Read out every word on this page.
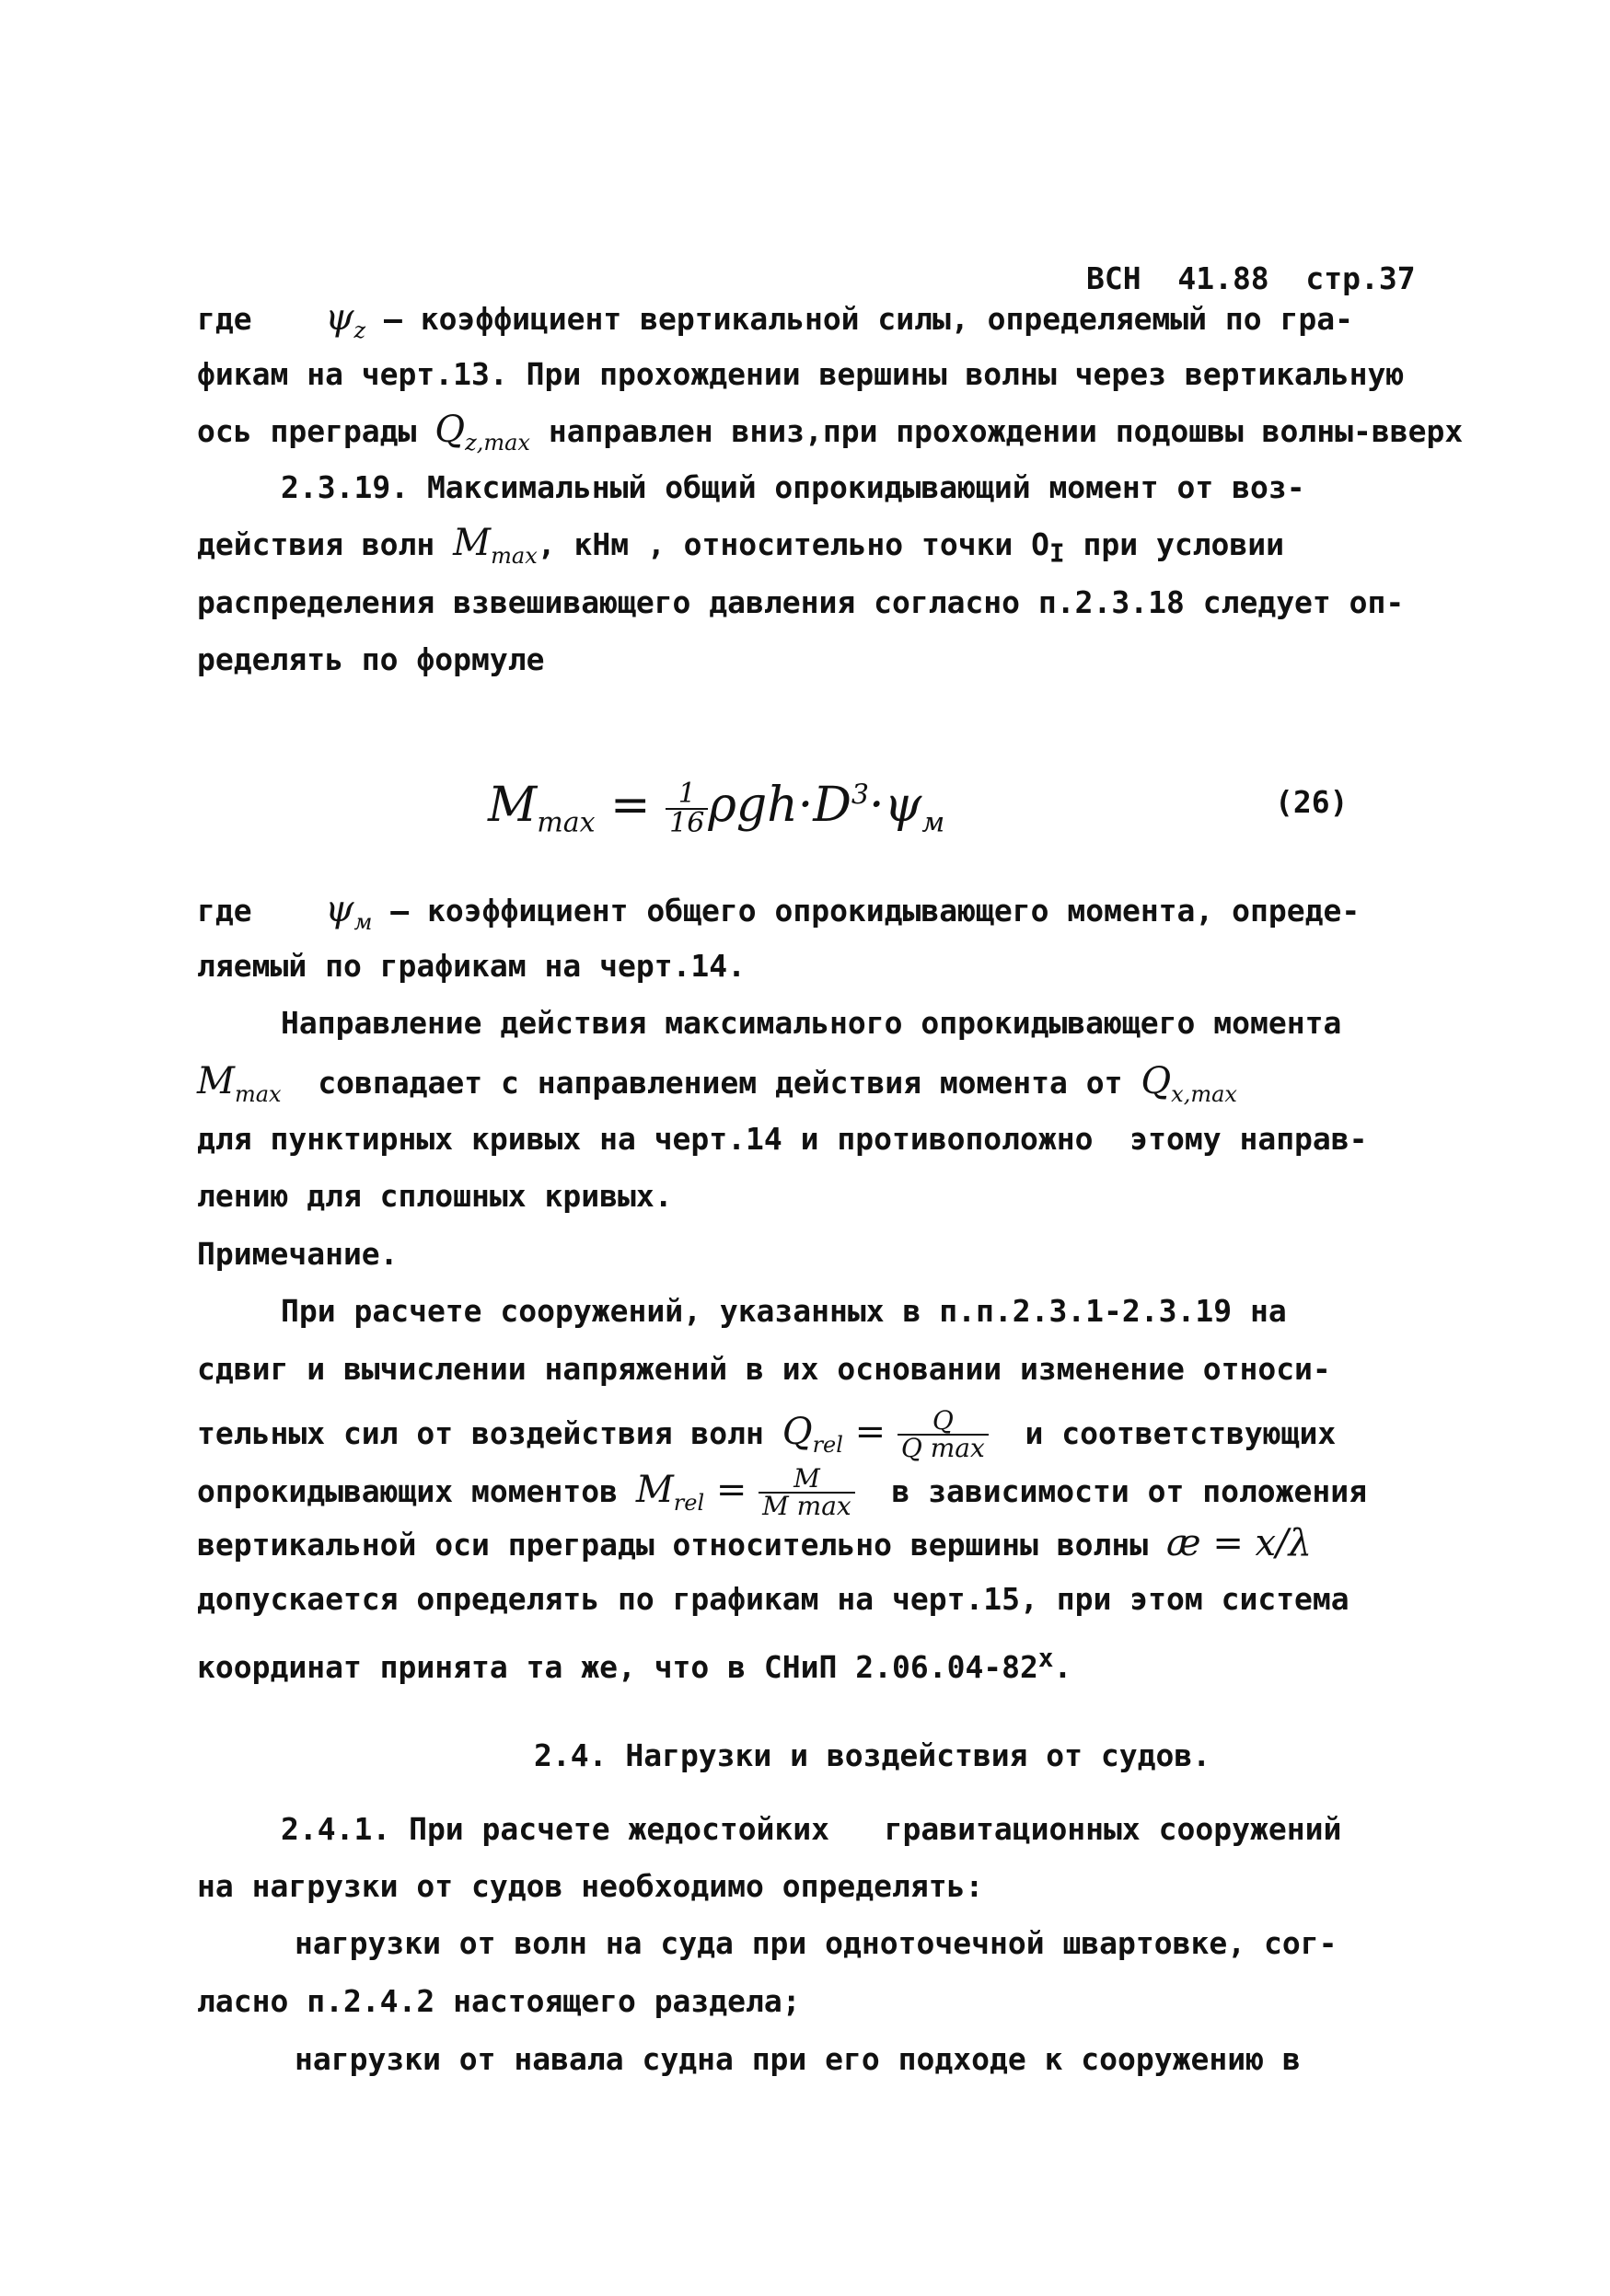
ВСН  41.88  стр.37
где $\psi_z$ – коэффициент вертикальной силы, определяемый по гра-
фикам на черт.13. При прохождении вершины волны через вертикальную
ось преграды $Q_{z,max}$ направлен вниз,при прохождении подошвы волны-вверх
2.3.19. Максимальный общий опрокидывающий момент от воз-
действия волн $M_{max}$, кНм , относительно точки $O_I$ при условии
распределения взвешивающего давления согласно п.2.3.18 следует оп-
ределять по формуле
$M_{max} = \frac{1}{16} \rho gh\cdot D^3\cdot\psi_м$
(26)
где $\psi_м$ – коэффициент общего опрокидывающего момента, опреде-
ляемый по графикам на черт.14.
Направление действия максимального опрокидывающего момента
$M_{max}$  совпадает с направлением действия момента от $Q_{x,max}$
для пунктирных кривых на черт.14 и противоположно  этому направ-
лению для сплошных кривых.
Примечание.
При расчете сооружений, указанных в п.п.2.3.1-2.3.19 на
сдвиг и вычислении напряжений в их основании изменение относи-
тельных сил от воздействия волн $Q_{rel} = \frac{Q}{\text{Q max}}$ и соответствующих
опрокидывающих моментов $M_{rel} = \frac{M}{\text{M max}}$ в зависимости от положения
вертикальной оси преграды относительно вершины волны æ = x/λ
допускается определять по графикам на черт.15, при этом система
координат принята та же, что в СНиП $2.06.04-82^х$.
2.4. Нагрузки и воздействия от судов.
2.4.1. При расчете жедостойких   гравитационных сооружений
на нагрузки от судов необходимо определять:
нагрузки от волн на суда при одноточечной швартовке, сог-
ласно п.2.4.2 настоящего раздела;
нагрузки от навала судна при его подходе к сооружению в
